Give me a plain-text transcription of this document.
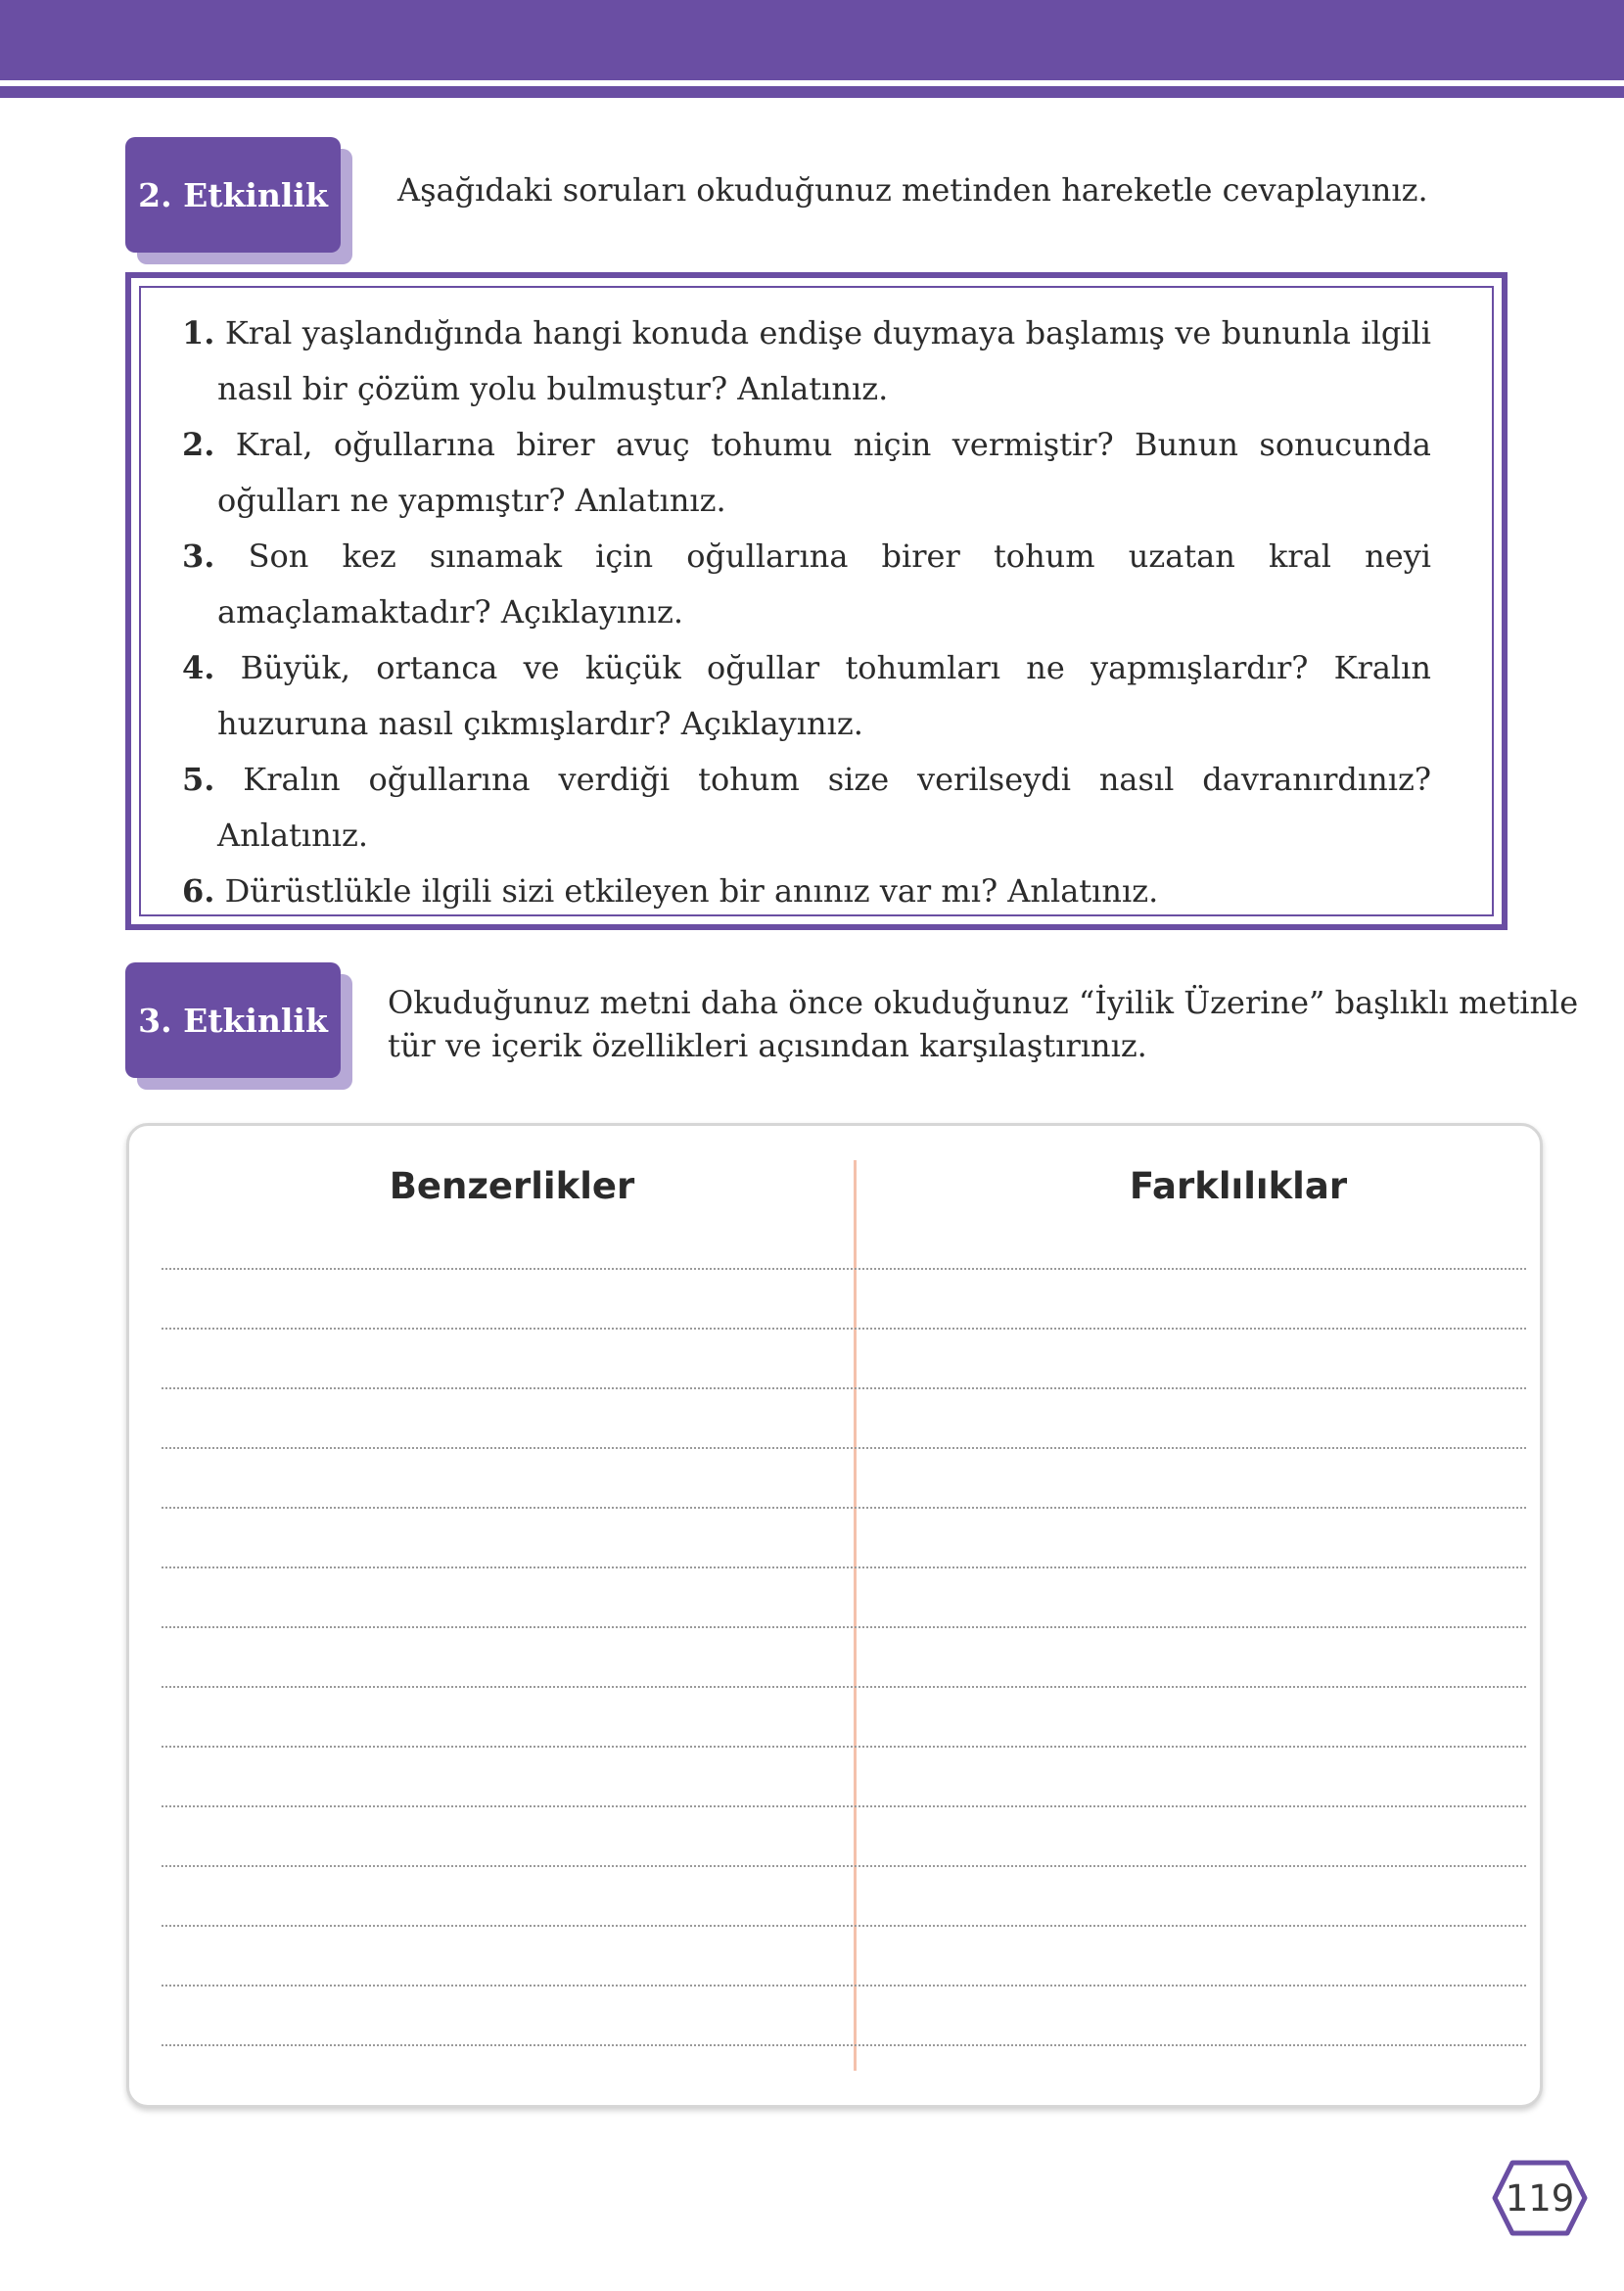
2. Etkinlik	Aşağıdaki soruları okuduğunuz metinden hareketle cevaplayınız.
1. Kral yaşlandığında hangi konuda endişe duymaya başlamış ve bununla ilgili nasıl bir çözüm yolu bulmuştur? Anlatınız.
2. Kral, oğullarına birer avuç tohumu niçin vermiştir? Bunun sonucunda oğulları ne yapmıştır? Anlatınız.
3. Son kez sınamak için oğullarına birer tohum uzatan kral neyi amaçlamaktadır? Açıklayınız.
4. Büyük, ortanca ve küçük oğullar tohumları ne yapmışlardır? Kralın huzuruna nasıl çıkmışlardır? Açıklayınız.
5. Kralın oğullarına verdiği tohum size verilseydi nasıl davranırdınız? Anlatınız.
6. Dürüstlükle ilgili sizi etkileyen bir anınız var mı? Anlatınız.
3. Etkinlik	Okuduğunuz metni daha önce okuduğunuz “İyilik Üzerine” başlıklı metinle
tür ve içerik özellikleri açısından karşılaştırınız.
Benzerlikler	Farklılıklar
119
